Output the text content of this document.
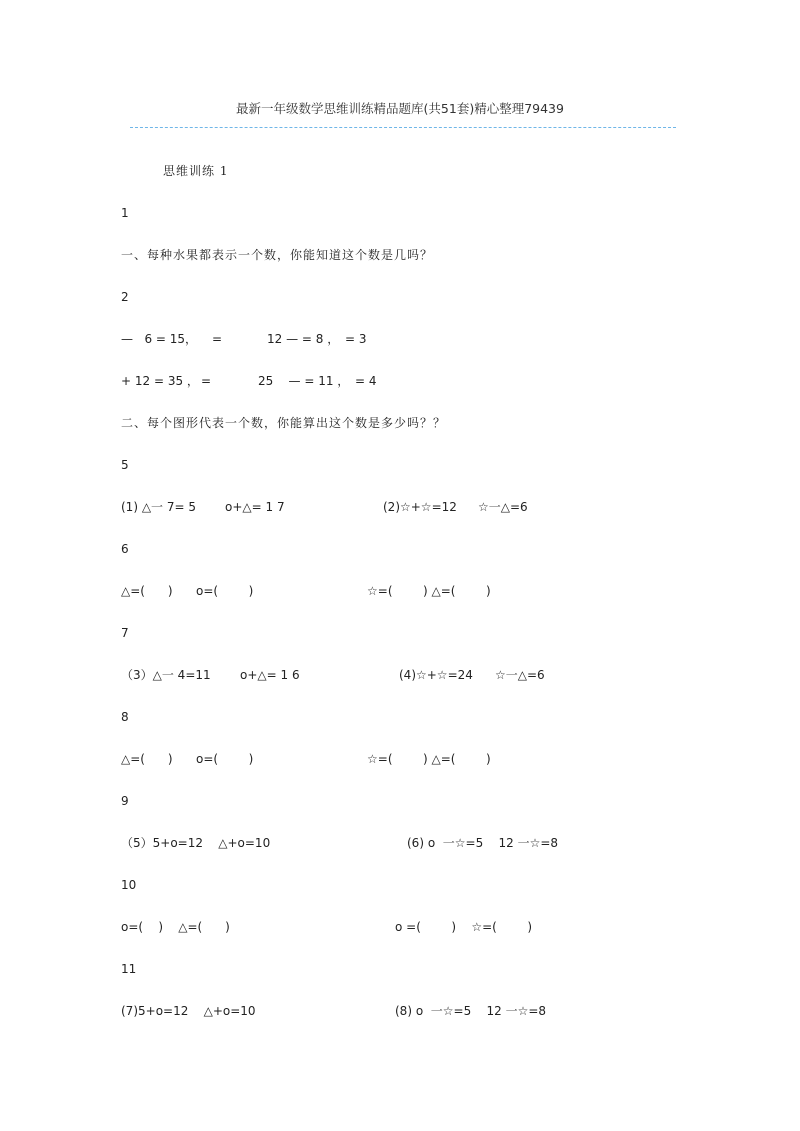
最新一年级数学思维训练精品题库(共51套)精心整理79439
思维训练 1
1
一、每种水果都表示一个数，你能知道这个数是几吗？
2
—   6 = 15， =	12 — = 8 ， = 3
+ 12 = 35 ， =	25    — = 11 ， = 4
二、每个图形代表一个数，你能算出这个数是多少吗？？
5
(1) △一 7= 5 o+△= 1 7	(2)☆+☆=12 ☆一△=6
6
△=(      ) o=(        )	☆=(        ) △=(        )
7
（3）△一 4=11 o+△= 1 6	(4)☆+☆=24 ☆一△=6
8
△=(      ) o=(        )	☆=(        ) △=(        )
9
（5）5+o=12    △+o=10	(6) o  一☆=5    12 一☆=8
10
o=(    )    △=(      )	o =(        )    ☆=(        )
11
(7)5+o=12    △+o=10	(8) o  一☆=5    12 一☆=8
